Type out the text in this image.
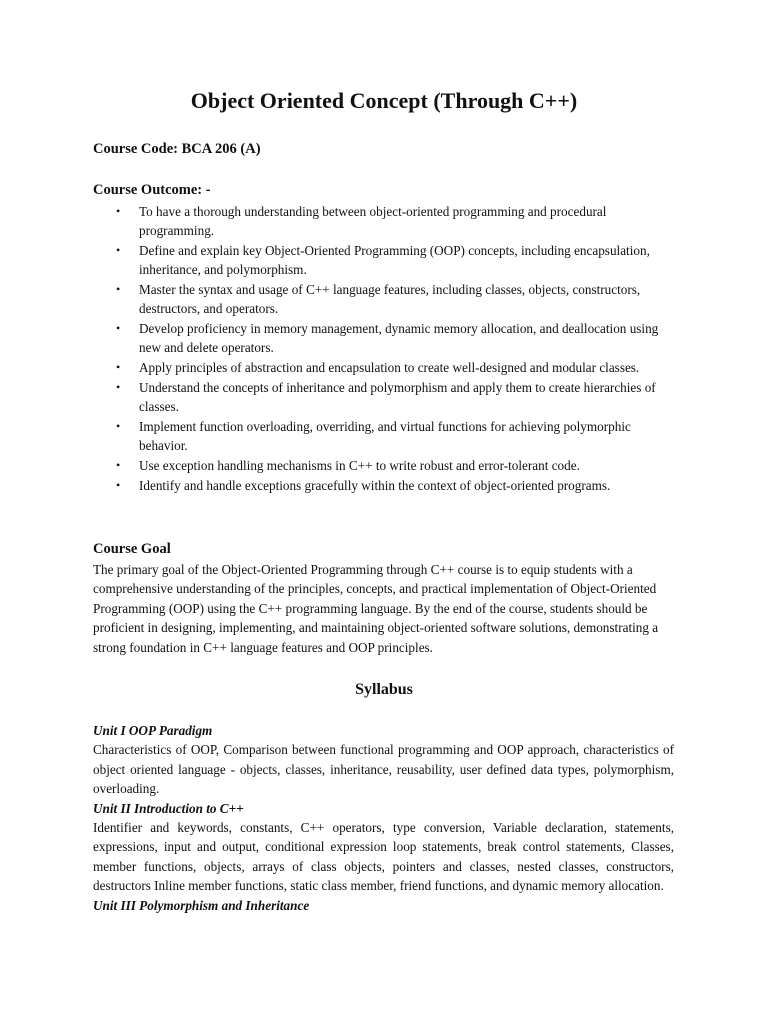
Object Oriented Concept (Through C++)

Course Code: BCA 206 (A)

Course Outcome: -

• To have a thorough understanding between object-oriented programming and procedural programming.
• Define and explain key Object-Oriented Programming (OOP) concepts, including encapsulation, inheritance, and polymorphism.
• Master the syntax and usage of C++ language features, including classes, objects, constructors, destructors, and operators.
• Develop proficiency in memory management, dynamic memory allocation, and deallocation using new and delete operators.
• Apply principles of abstraction and encapsulation to create well-designed and modular classes.
• Understand the concepts of inheritance and polymorphism and apply them to create hierarchies of classes.
• Implement function overloading, overriding, and virtual functions for achieving polymorphic behavior.
• Use exception handling mechanisms in C++ to write robust and error-tolerant code.
• Identify and handle exceptions gracefully within the context of object-oriented programs.

Course Goal

The primary goal of the Object-Oriented Programming through C++ course is to equip students with a comprehensive understanding of the principles, concepts, and practical implementation of Object-Oriented Programming (OOP) using the C++ programming language. By the end of the course, students should be proficient in designing, implementing, and maintaining object-oriented software solutions, demonstrating a strong foundation in C++ language features and OOP principles.

Syllabus

Unit I OOP Paradigm

Characteristics of OOP, Comparison between functional programming and OOP approach, characteristics of object oriented language - objects, classes, inheritance, reusability, user defined data types, polymorphism, overloading.

Unit II Introduction to C++

Identifier and keywords, constants, C++ operators, type conversion, Variable declaration, statements, expressions, input and output, conditional expression loop statements, break control statements, Classes, member functions, objects, arrays of class objects, pointers and classes, nested classes, constructors, destructors Inline member functions, static class member, friend functions, and dynamic memory allocation.

Unit III Polymorphism and Inheritance
